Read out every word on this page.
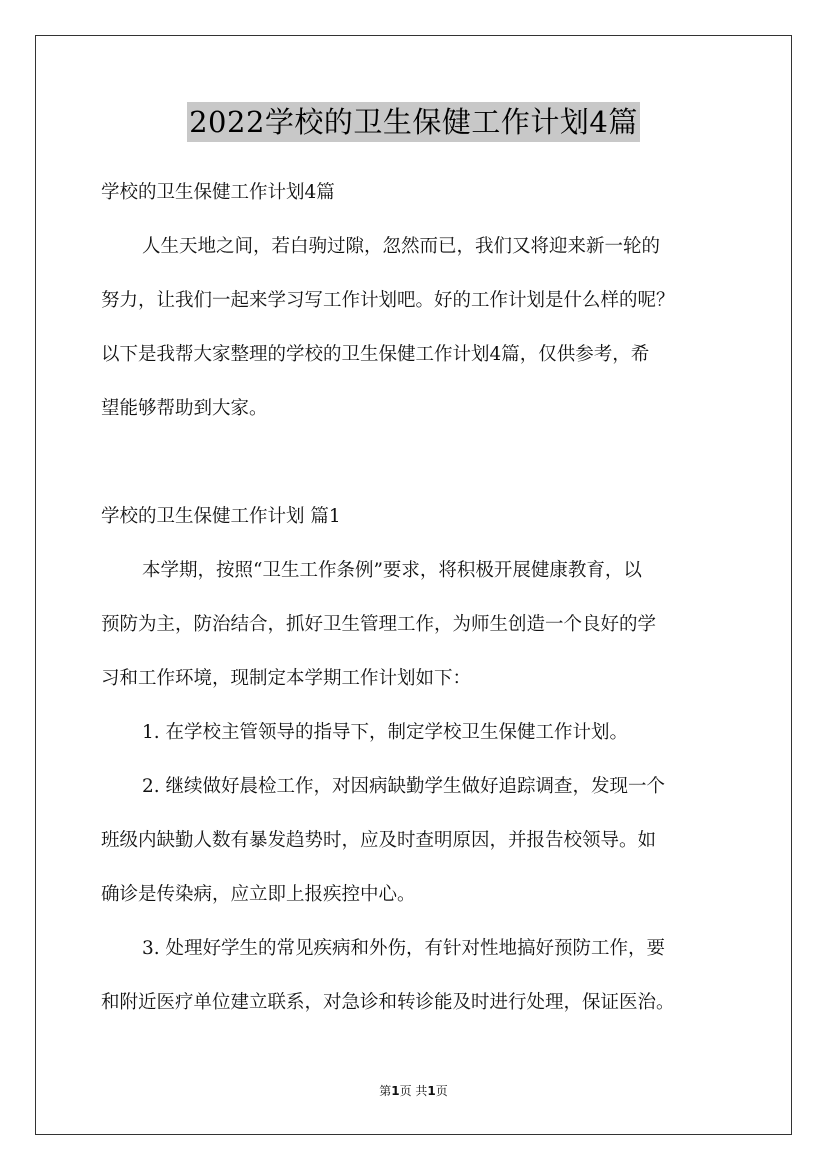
2022学校的卫生保健工作计划4篇

学校的卫生保健工作计划4篇

人生天地之间，若白驹过隙，忽然而已，我们又将迎来新一轮的

努力，让我们一起来学习写工作计划吧。好的工作计划是什么样的呢？

以下是我帮大家整理的学校的卫生保健工作计划4篇，仅供参考，希

望能够帮助到大家。

学校的卫生保健工作计划 篇1

本学期，按照“卫生工作条例”要求，将积极开展健康教育，以

预防为主，防治结合，抓好卫生管理工作，为师生创造一个良好的学

习和工作环境，现制定本学期工作计划如下：

1. 在学校主管领导的指导下，制定学校卫生保健工作计划。

2. 继续做好晨检工作，对因病缺勤学生做好追踪调查，发现一个

班级内缺勤人数有暴发趋势时，应及时查明原因，并报告校领导。如

确诊是传染病，应立即上报疾控中心。

3. 处理好学生的常见疾病和外伤，有针对性地搞好预防工作，要

和附近医疗单位建立联系，对急诊和转诊能及时进行处理，保证医治。

第1页 共1页
